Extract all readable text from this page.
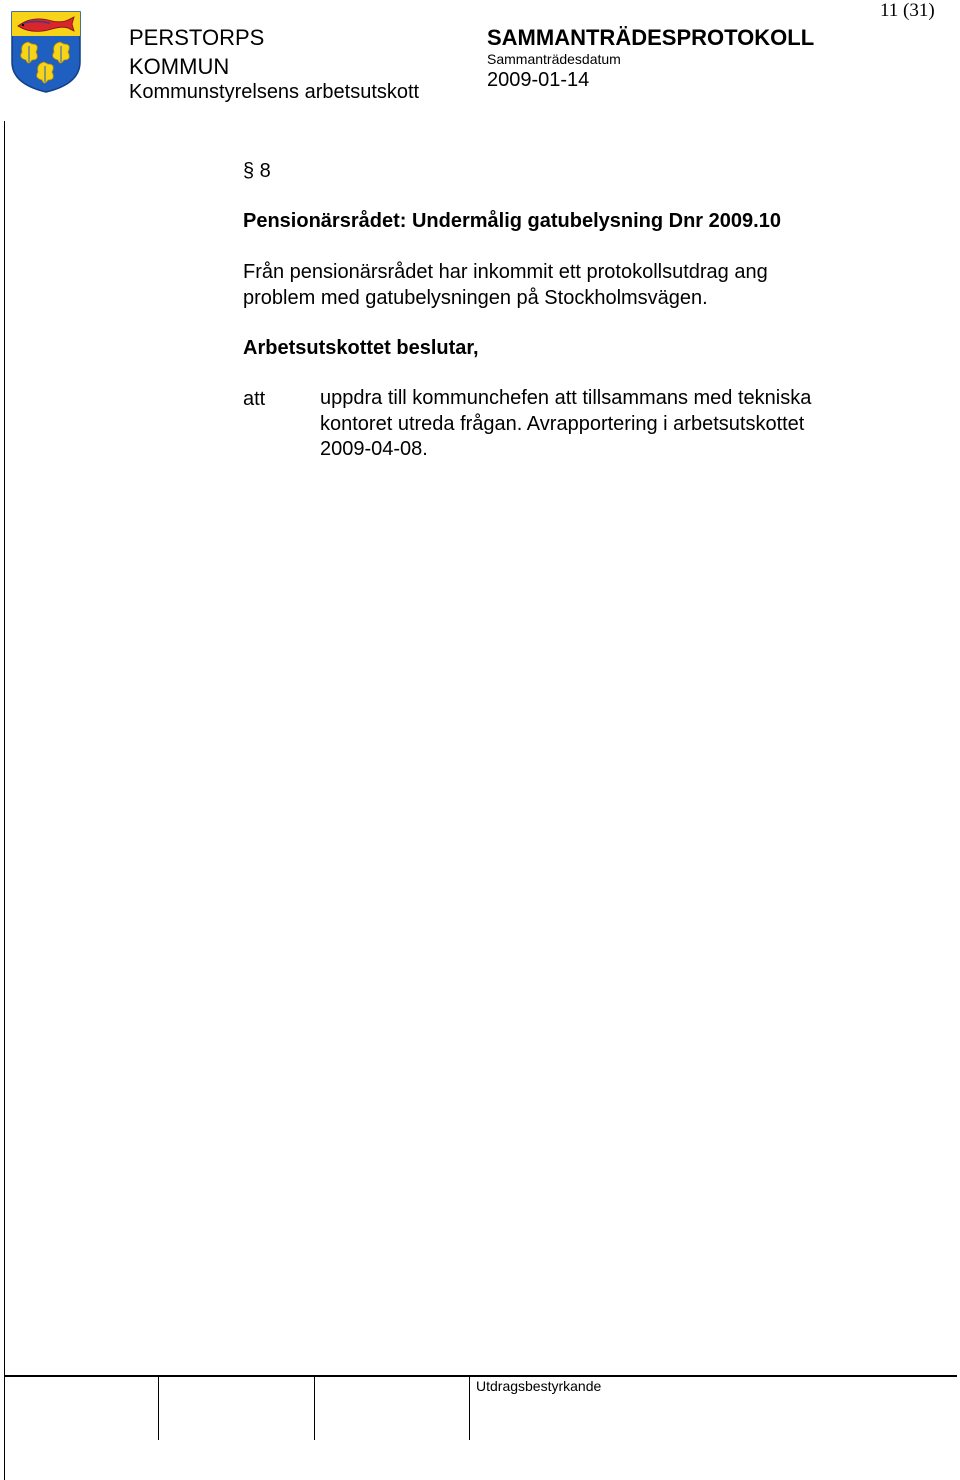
PERSTORPS
KOMMUN
Kommunstyrelsens arbetsutskott
SAMMANTRÄDESPROTOKOLL
Sammanträdesdatum
2009-01-14
11 (31)
§ 8
Pensionärsrådet: Undermålig gatubelysning Dnr 2009.10
Från pensionärsrådet har inkommit ett protokollsutdrag ang
problem med gatubelysningen på Stockholmsvägen.
Arbetsutskottet beslutar,
att	uppdra till kommunchefen att tillsammans med tekniska
kontoret utreda frågan. Avrapportering i arbetsutskottet
2009-04-08.
Utdragsbestyrkande
